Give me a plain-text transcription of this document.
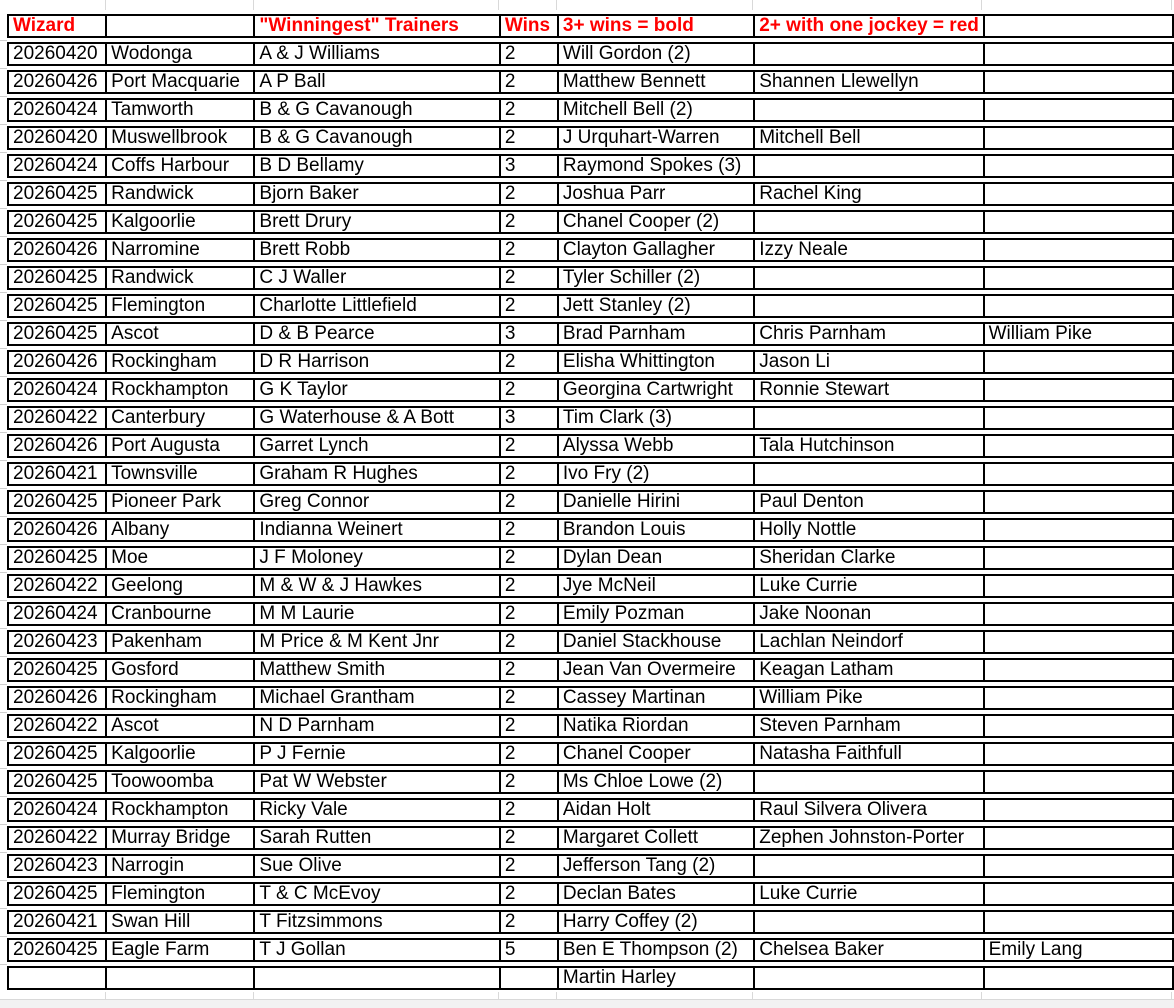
Wizard		"Winningest" Trainers	Wins	3+ wins = bold	2+ with one jockey = red	
20260420	Wodonga	A & J Williams	2	Will Gordon (2)		
20260426	Port Macquarie	A P Ball	2	Matthew Bennett	Shannen Llewellyn	
20260424	Tamworth	B & G Cavanough	2	Mitchell Bell (2)		
20260420	Muswellbrook	B & G Cavanough	2	J Urquhart-Warren	Mitchell Bell	
20260424	Coffs Harbour	B D Bellamy	3	Raymond Spokes (3)		
20260425	Randwick	Bjorn Baker	2	Joshua Parr	Rachel King	
20260425	Kalgoorlie	Brett Drury	2	Chanel Cooper (2)		
20260426	Narromine	Brett Robb	2	Clayton Gallagher	Izzy Neale	
20260425	Randwick	C J Waller	2	Tyler Schiller (2)		
20260425	Flemington	Charlotte Littlefield	2	Jett Stanley (2)		
20260425	Ascot	D & B Pearce	3	Brad Parnham	Chris Parnham	William Pike
20260426	Rockingham	D R Harrison	2	Elisha Whittington	Jason Li	
20260424	Rockhampton	G K Taylor	2	Georgina Cartwright	Ronnie Stewart	
20260422	Canterbury	G Waterhouse & A Bott	3	Tim Clark (3)		
20260426	Port Augusta	Garret Lynch	2	Alyssa Webb	Tala Hutchinson	
20260421	Townsville	Graham R Hughes	2	Ivo Fry (2)		
20260425	Pioneer Park	Greg Connor	2	Danielle Hirini	Paul Denton	
20260426	Albany	Indianna Weinert	2	Brandon Louis	Holly Nottle	
20260425	Moe	J F Moloney	2	Dylan Dean	Sheridan Clarke	
20260422	Geelong	M & W & J Hawkes	2	Jye McNeil	Luke Currie	
20260424	Cranbourne	M M Laurie	2	Emily Pozman	Jake Noonan	
20260423	Pakenham	M Price & M Kent Jnr	2	Daniel Stackhouse	Lachlan Neindorf	
20260425	Gosford	Matthew Smith	2	Jean Van Overmeire	Keagan Latham	
20260426	Rockingham	Michael Grantham	2	Cassey Martinan	William Pike	
20260422	Ascot	N D Parnham	2	Natika Riordan	Steven Parnham	
20260425	Kalgoorlie	P J Fernie	2	Chanel Cooper	Natasha Faithfull	
20260425	Toowoomba	Pat W Webster	2	Ms Chloe Lowe (2)		
20260424	Rockhampton	Ricky Vale	2	Aidan Holt	Raul Silvera Olivera	
20260422	Murray Bridge	Sarah Rutten	2	Margaret Collett	Zephen Johnston-Porter	
20260423	Narrogin	Sue Olive	2	Jefferson Tang (2)		
20260425	Flemington	T & C McEvoy	2	Declan Bates	Luke Currie	
20260421	Swan Hill	T Fitzsimmons	2	Harry Coffey (2)		
20260425	Eagle Farm	T J Gollan	5	Ben E Thompson (2)	Chelsea Baker	Emily Lang
				Martin Harley		
